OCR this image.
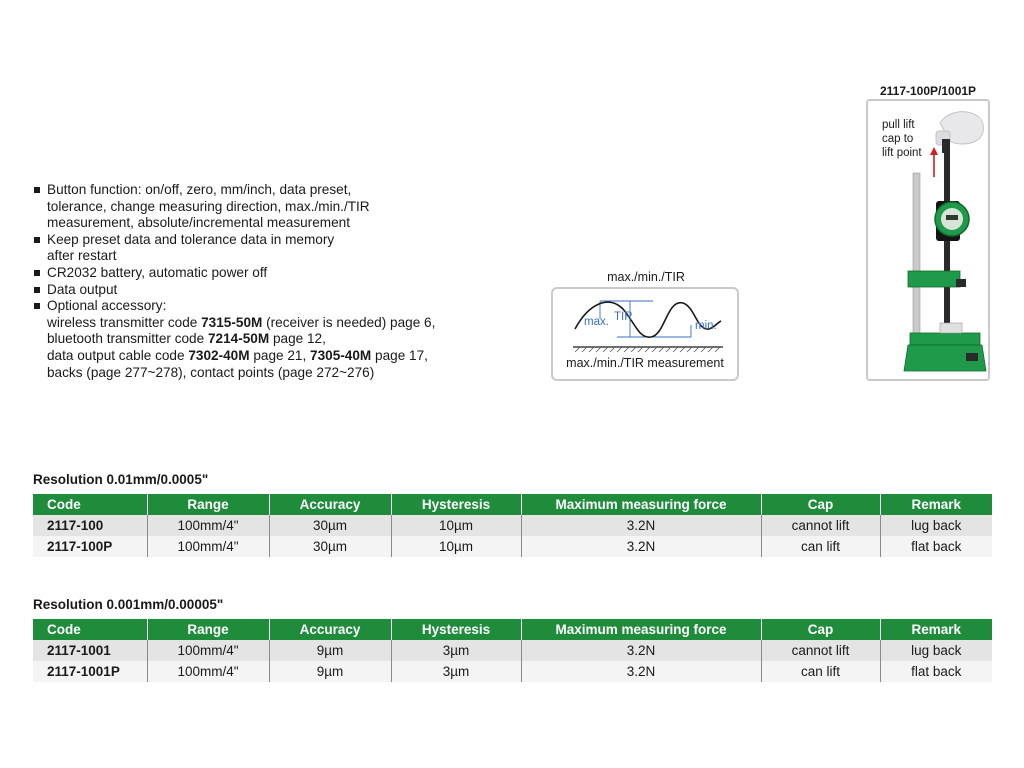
Button function: on/off, zero, mm/inch, data preset,
tolerance, change measuring direction, max./min./TIR
measurement, absolute/incremental measurement
Keep preset data and tolerance data in memory
after restart
CR2032 battery, automatic power off
Data output
Optional accessory:
wireless transmitter code 7315-50M (receiver is needed) page 6,
bluetooth transmitter code 7214-50M page 12,
data output cable code 7302-40M page 21, 7305-40M page 17,
backs (page 277~278), contact points (page 272~276)
max./min./TIR
max. TIR
min.
max./min./TIR measurement
2117-100P/1001P
pull lift
cap to
lift point
Resolution 0.01mm/0.0005"
Code	Range	Accuracy	Hysteresis	Maximum measuring force	Cap	Remark
2117-100	100mm/4"	30µm	10µm	3.2N	cannot lift	lug back
2117-100P	100mm/4"	30µm	10µm	3.2N	can lift	flat back
Resolution 0.001mm/0.00005"
Code	Range	Accuracy	Hysteresis	Maximum measuring force	Cap	Remark
2117-1001	100mm/4"	9µm	3µm	3.2N	cannot lift	lug back
2117-1001P	100mm/4"	9µm	3µm	3.2N	can lift	flat back
